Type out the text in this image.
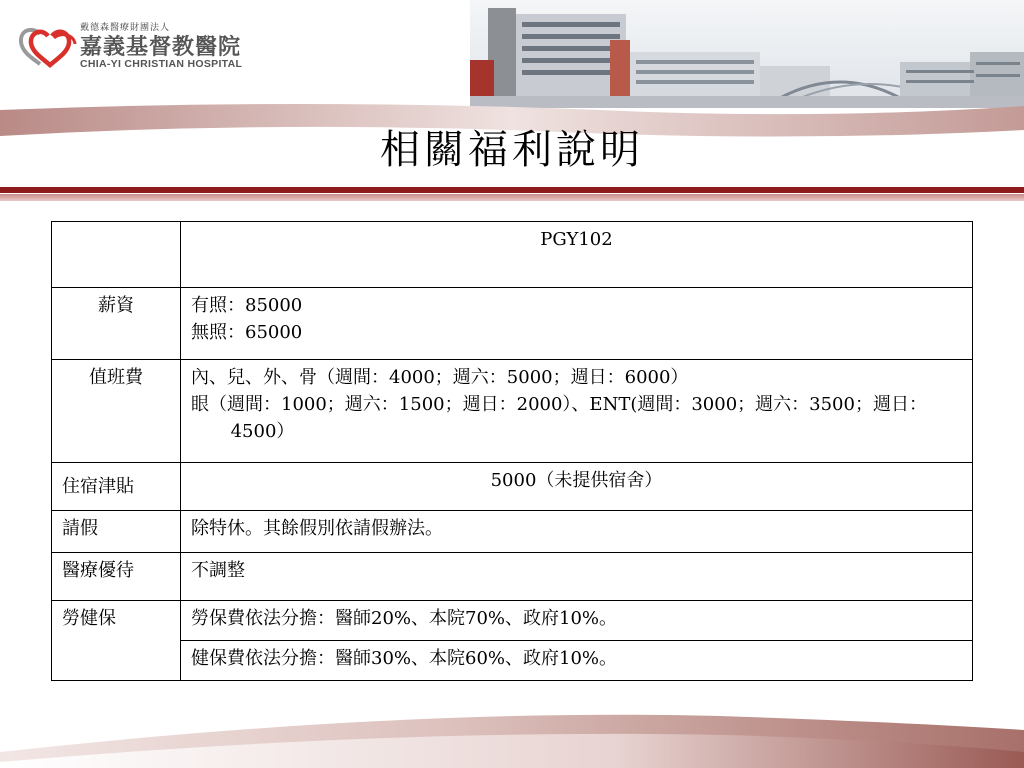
戴德森醫療財團法人
嘉義基督教醫院
CHIA-YI CHRISTIAN HOSPITAL
相關福利說明
	PGY102
薪資	有照：85000
無照：65000

值班費	內、兒、外、骨（週間：4000；週六：5000；週日：6000）
眼（週間：1000；週六：1500；週日：2000）、ENT(週間：3000；週六：3500；週日：4500）

住宿津貼	5000（未提供宿舍）
請假	除特休。其餘假別依請假辦法。
醫療優待	不調整
勞健保	勞保費依法分擔：醫師20%、本院70%、政府10%。
	健保費依法分擔：醫師30%、本院60%、政府10%。
